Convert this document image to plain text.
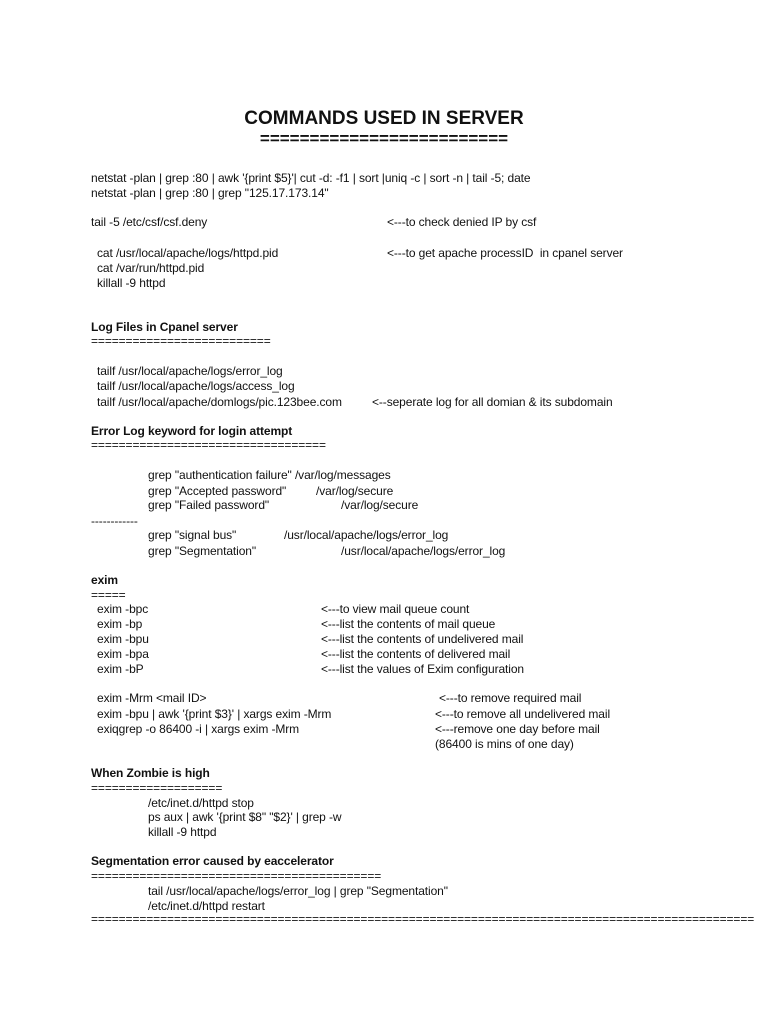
COMMANDS USED IN SERVER
=========================
netstat -plan | grep :80 | awk '{print $5}'| cut -d: -f1 | sort |uniq -c | sort -n | tail -5; date
netstat -plan | grep :80 | grep "125.17.173.14"
tail -5 /etc/csf/csf.deny	<---to check denied IP by csf
cat /usr/local/apache/logs/httpd.pid	<---to get apache processID  in cpanel server
cat /var/run/httpd.pid
killall -9 httpd
Log Files in Cpanel server
==========================
tailf /usr/local/apache/logs/error_log
tailf /usr/local/apache/logs/access_log
tailf /usr/local/apache/domlogs/pic.123bee.com	<--seperate log for all domian & its subdomain
Error Log keyword for login attempt
==================================
grep "authentication failure" /var/log/messages
grep "Accepted password" /var/log/secure
grep "Failed password"	/var/log/secure
------------
grep "signal bus"	/usr/local/apache/logs/error_log
grep "Segmentation"	/usr/local/apache/logs/error_log
exim
=====
exim -bpc	<---to view mail queue count
exim -bp	<---list the contents of mail queue
exim -bpu	<---list the contents of undelivered mail
exim -bpa	<---list the contents of delivered mail
exim -bP	<---list the values of Exim configuration
exim -Mrm <mail ID>	<---to remove required mail
exim -bpu | awk '{print $3}' | xargs exim -Mrm	<---to remove all undelivered mail
exiqgrep -o 86400 -i | xargs exim -Mrm	<---remove one day before mail
(86400 is mins of one day)
When Zombie is high
===================
/etc/inet.d/httpd stop
ps aux | awk '{print $8" "$2}' | grep -w
killall -9 httpd
Segmentation error caused by eaccelerator
==========================================
tail /usr/local/apache/logs/error_log | grep "Segmentation"
/etc/inet.d/httpd restart
================================================================================================
